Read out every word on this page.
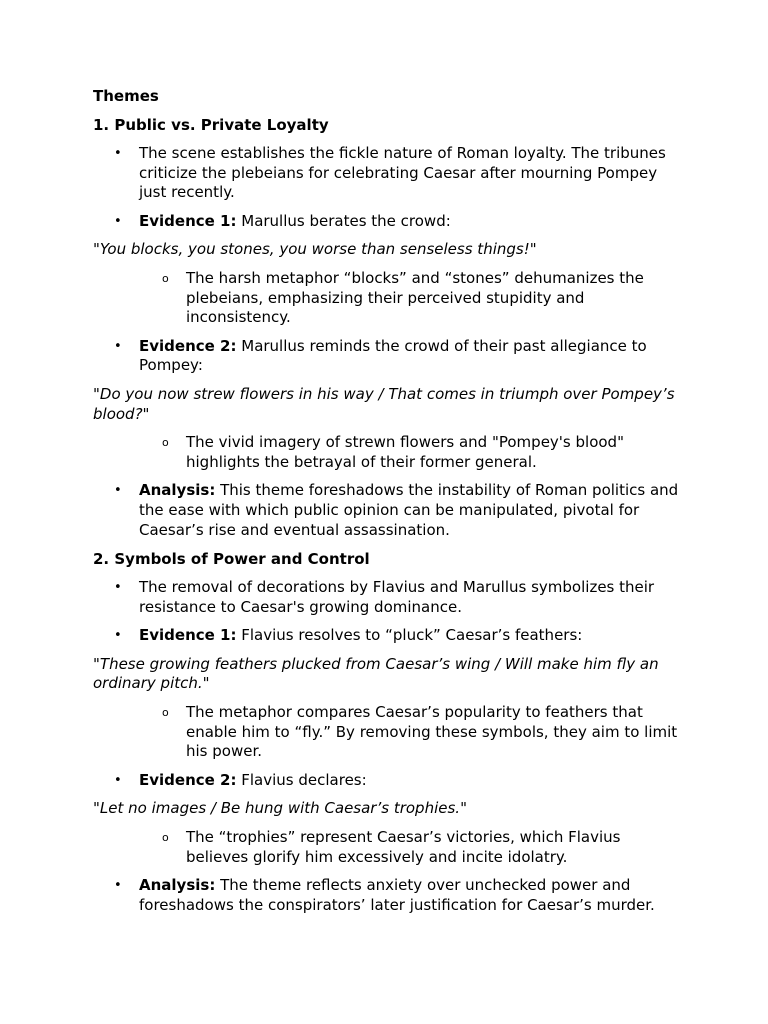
Themes

1. Public vs. Private Loyalty

• The scene establishes the fickle nature of Roman loyalty. The tribunes criticize the plebeians for celebrating Caesar after mourning Pompey just recently.
• Evidence 1: Marullus berates the crowd:

"You blocks, you stones, you worse than senseless things!"

o The harsh metaphor “blocks” and “stones” dehumanizes the plebeians, emphasizing their perceived stupidity and inconsistency.
• Evidence 2: Marullus reminds the crowd of their past allegiance to Pompey:

"Do you now strew flowers in his way / That comes in triumph over Pompey’s blood?"

o The vivid imagery of strewn flowers and "Pompey's blood" highlights the betrayal of their former general.
• Analysis: This theme foreshadows the instability of Roman politics and the ease with which public opinion can be manipulated, pivotal for Caesar’s rise and eventual assassination.

2. Symbols of Power and Control

• The removal of decorations by Flavius and Marullus symbolizes their resistance to Caesar's growing dominance.
• Evidence 1: Flavius resolves to “pluck” Caesar’s feathers:

"These growing feathers plucked from Caesar’s wing / Will make him fly an ordinary pitch."

o The metaphor compares Caesar’s popularity to feathers that enable him to “fly.” By removing these symbols, they aim to limit his power.
• Evidence 2: Flavius declares:

"Let no images / Be hung with Caesar’s trophies."

o The “trophies” represent Caesar’s victories, which Flavius believes glorify him excessively and incite idolatry.
• Analysis: The theme reflects anxiety over unchecked power and foreshadows the conspirators’ later justification for Caesar’s murder.
